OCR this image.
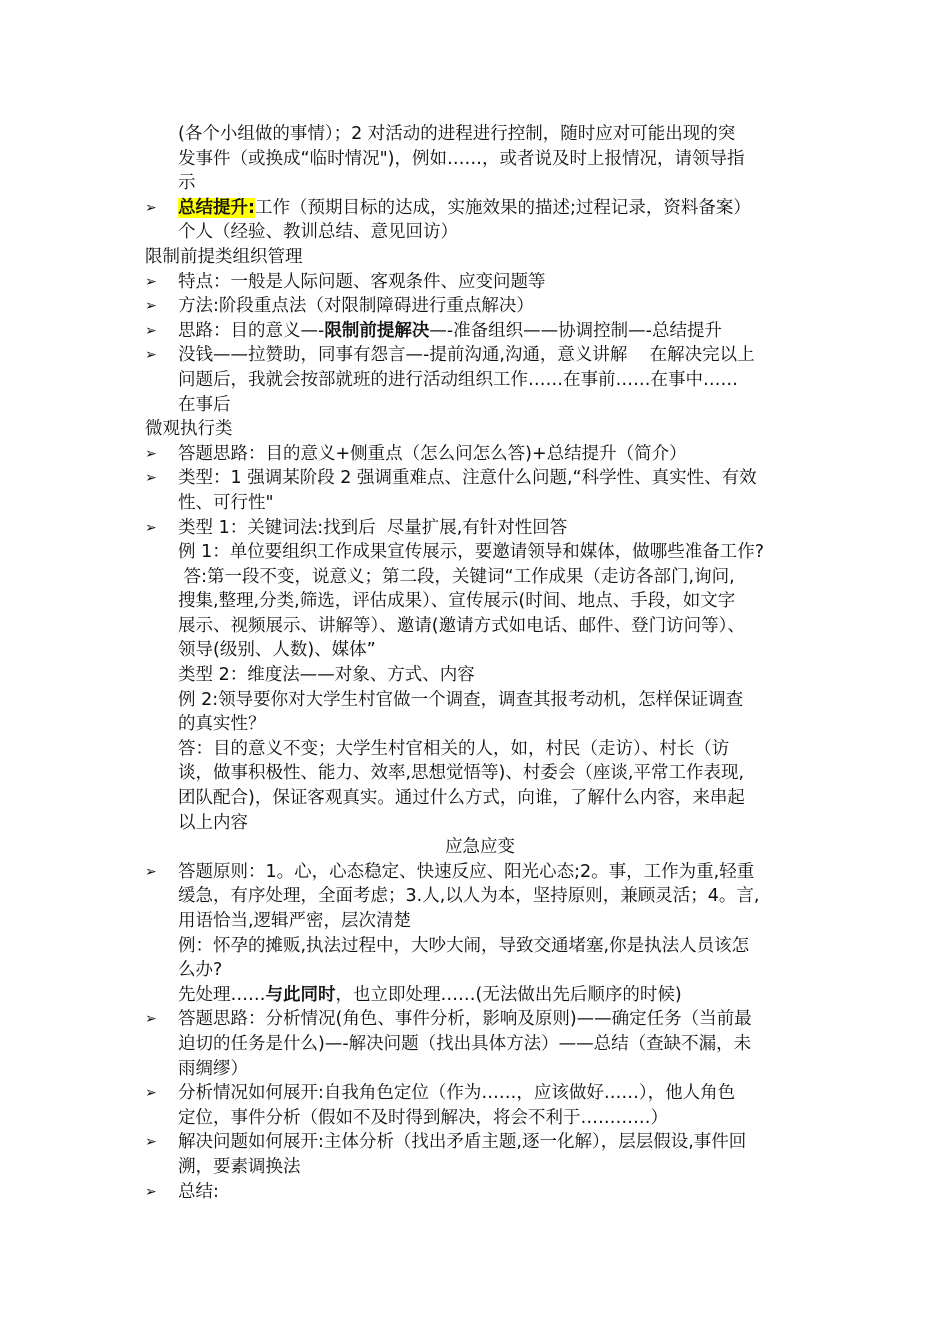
(各个小组做的事情）；2 对活动的进程进行控制，随时应对可能出现的突
发事件（或换成“临时情况")，例如……，或者说及时上报情况，请领导指
示
➢ 总结提升:工作（预期目标的达成，实施效果的描述;过程记录，资料备案）
个人（经验、教训总结、意见回访）
限制前提类组织管理
➢ 特点：一般是人际问题、客观条件、应变问题等
➢ 方法:阶段重点法（对限制障碍进行重点解决）
➢ 思路：目的意义—-限制前提解决—-准备组织——协调控制—-总结提升
➢ 没钱——拉赞助，同事有怨言—-提前沟通,沟通，意义讲解    在解决完以上
问题后，我就会按部就班的进行活动组织工作……在事前……在事中……
在事后
微观执行类
➢ 答题思路：目的意义+侧重点（怎么问怎么答)+总结提升（简介）
➢ 类型：1 强调某阶段 2 强调重难点、注意什么问题,“科学性、真实性、有效
性、可行性"
➢ 类型 1：关键词法:找到后  尽量扩展,有针对性回答
例 1：单位要组织工作成果宣传展示，要邀请领导和媒体，做哪些准备工作?
答:第一段不变，说意义；第二段，关键词“工作成果（走访各部门,询问,
搜集,整理,分类,筛选，评估成果）、宣传展示(时间、地点、手段，如文字
展示、视频展示、讲解等）、邀请(邀请方式如电话、邮件、登门访问等）、
领导(级别、人数)、媒体”
类型 2：维度法——对象、方式、内容
例 2:领导要你对大学生村官做一个调查，调查其报考动机，怎样保证调查
的真实性？
答：目的意义不变；大学生村官相关的人，如，村民（走访）、村长（访
谈，做事积极性、能力、效率,思想觉悟等)、村委会（座谈,平常工作表现,
团队配合)，保证客观真实。通过什么方式，向谁，了解什么内容，来串起
以上内容
应急应变
➢ 答题原则：1。心，心态稳定、快速反应、阳光心态;2。事，工作为重,轻重
缓急，有序处理，全面考虑；3.人,以人为本，坚持原则，兼顾灵活；4。言,
用语恰当,逻辑严密，层次清楚
例：怀孕的摊贩,执法过程中，大吵大闹，导致交通堵塞,你是执法人员该怎
么办?
先处理……与此同时，也立即处理……(无法做出先后顺序的时候)
➢ 答题思路：分析情况(角色、事件分析，影响及原则)——确定任务（当前最
迫切的任务是什么)—-解决问题（找出具体方法）——总结（查缺不漏，未
雨绸缪）
➢ 分析情况如何展开:自我角色定位（作为……，应该做好……），他人角色
定位，事件分析（假如不及时得到解决，将会不利于…………）
➢ 解决问题如何展开:主体分析（找出矛盾主题,逐一化解），层层假设,事件回
溯，要素调换法
➢ 总结:
